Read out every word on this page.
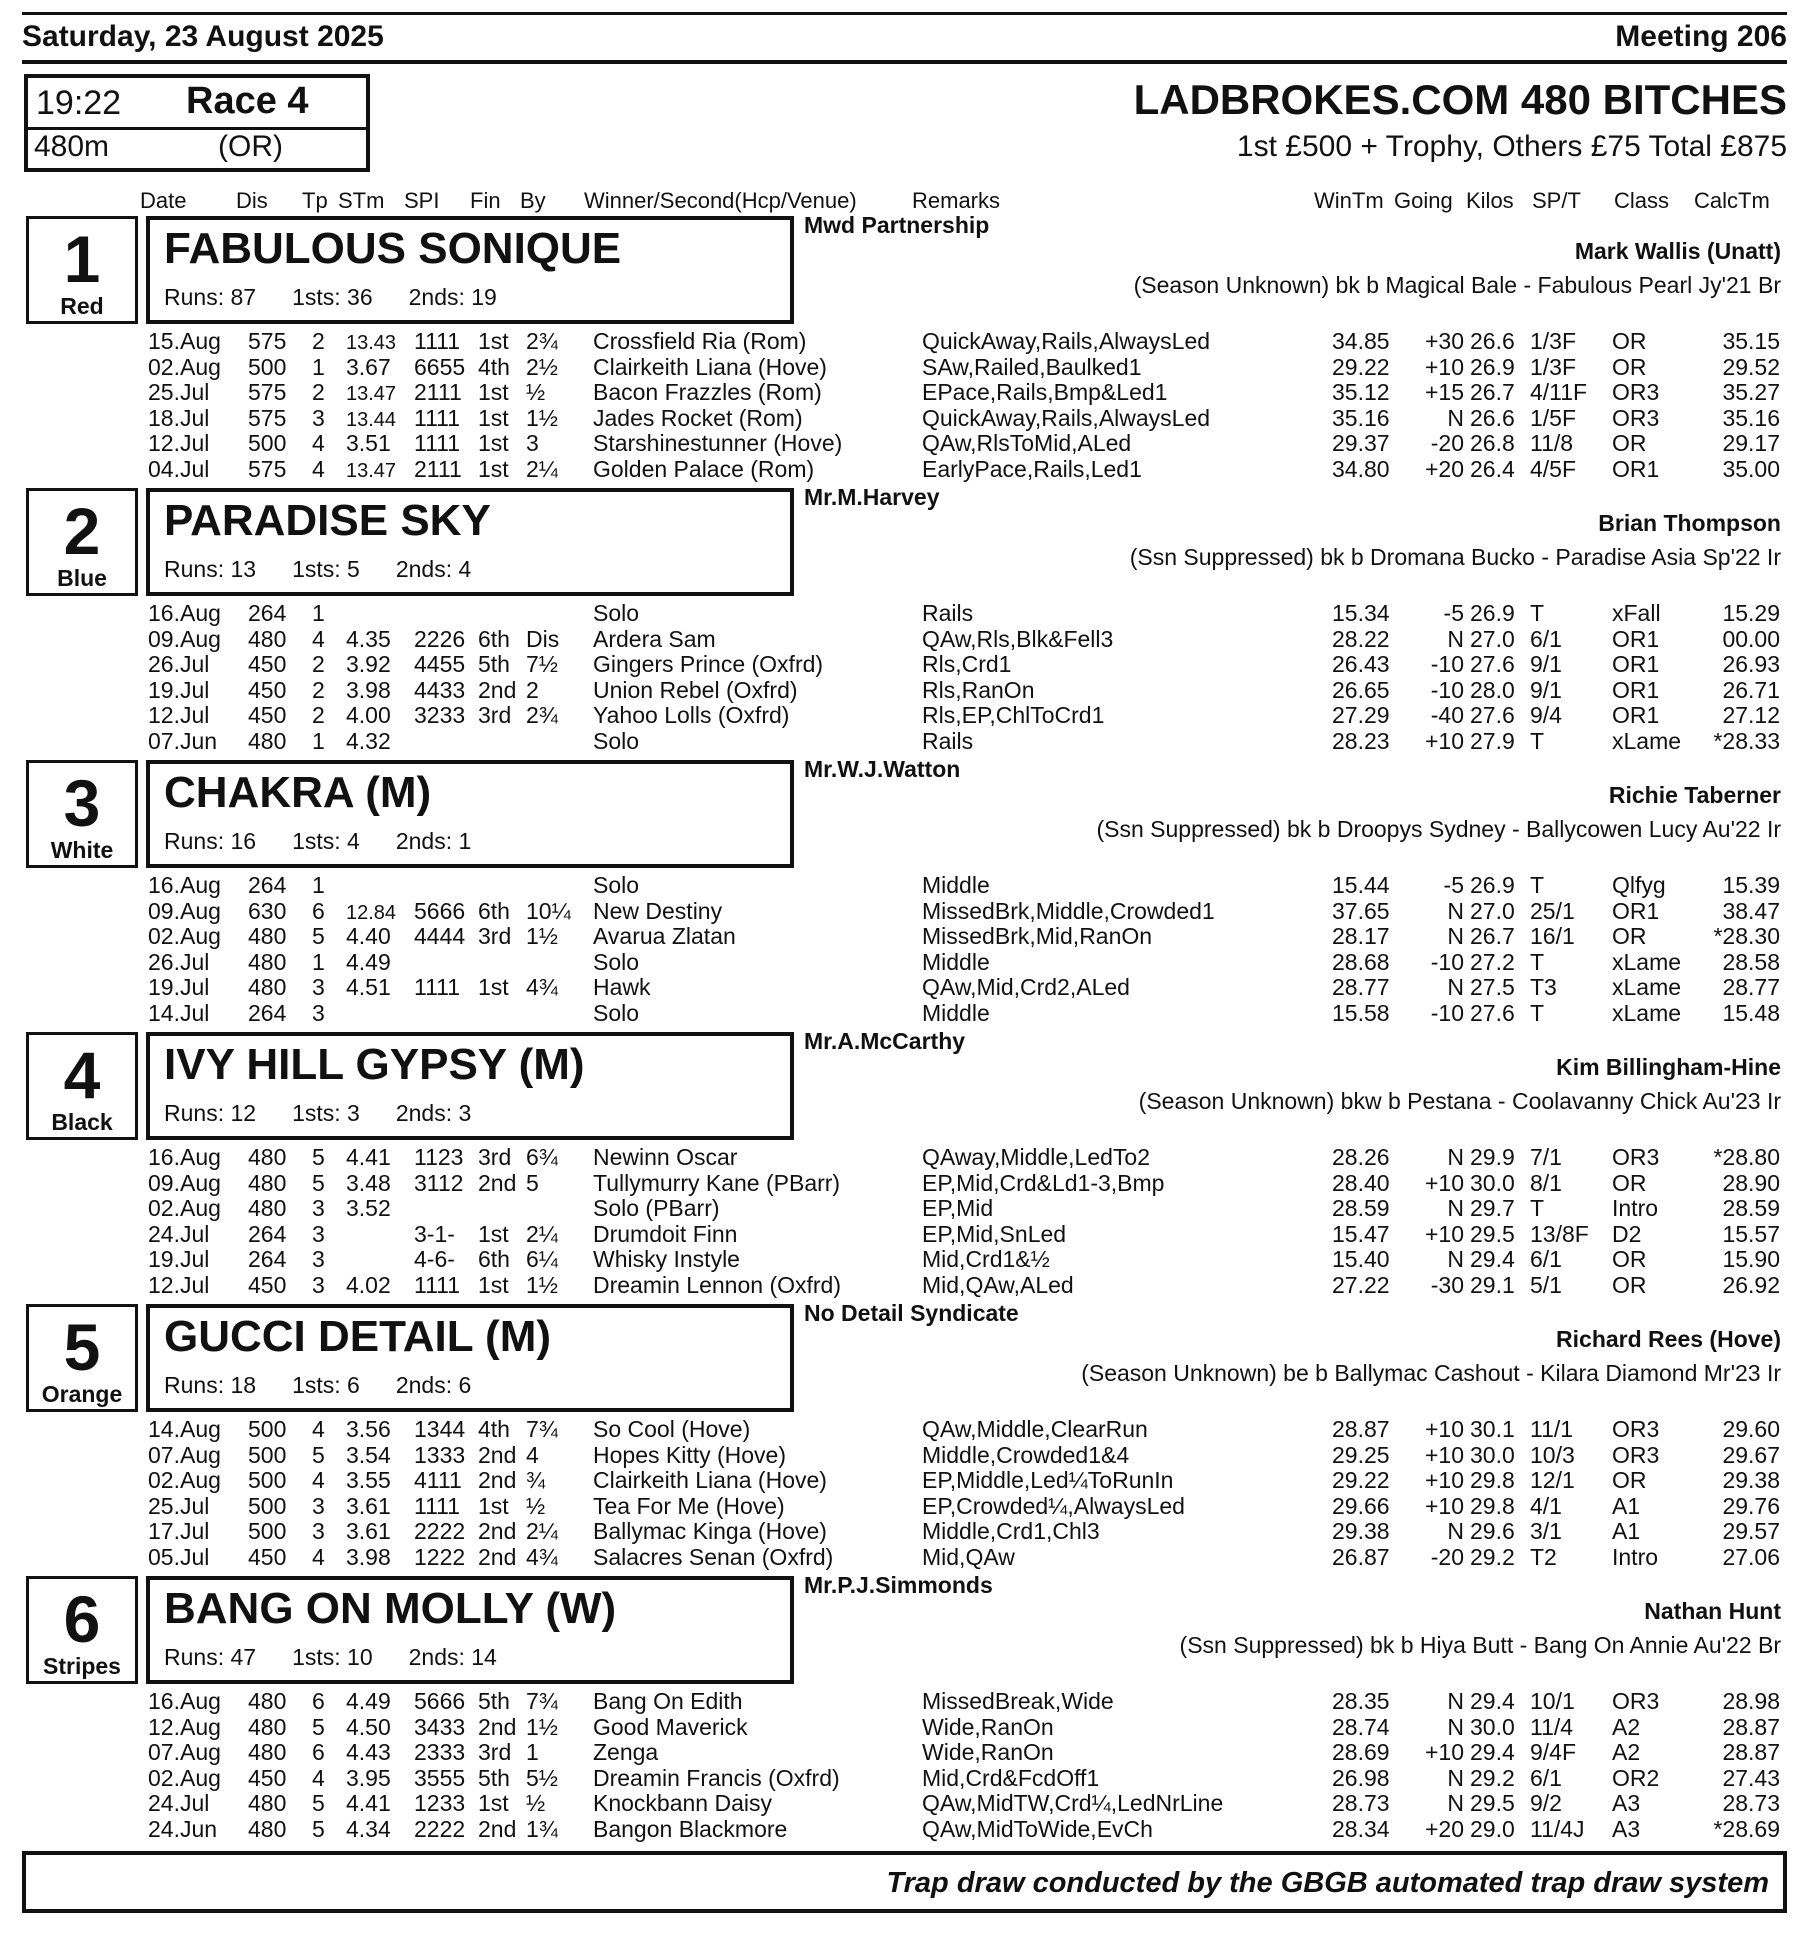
Saturday, 23 August 2025	Meeting 206
19:22 Race 4
480m	(OR)
LADBROKES.COM 480 BITCHES
1st £500 + Trophy, Others £75 Total £875
Date Dis Tp STm SPI Fin By Winner/Second(Hcp/Venue)	Remarks	WinTm Going Kilos SP/T Class CalcTm
1
Red
FABULOUS SONIQUE
Runs: 87 1sts: 36 2nds: 19
Mwd Partnership
Mark Wallis (Unatt)
(Season Unknown) bk b Magical Bale - Fabulous Pearl Jy'21 Br
15.Aug 575 2 13.43 1111 1st 2¾ Crossfield Ria (Rom)	QuickAway,Rails,AlwaysLed	34.85	+30 26.6 1/3F OR	35.15
02.Aug 500 1 3.67 6655 4th 2½ Clairkeith Liana (Hove)	SAw,Railed,Baulked1	29.22	+10 26.9 1/3F OR	29.52
25.Jul 575 2 13.47 2111 1st ½ Bacon Frazzles (Rom)	EPace,Rails,Bmp&Led1	35.12	+15 26.7 4/11F OR3	35.27
18.Jul 575 3 13.44 1111 1st 1½ Jades Rocket (Rom)	QuickAway,Rails,AlwaysLed	35.16	N 26.6 1/5F OR3	35.16
12.Jul 500 4 3.51 1111 1st 3 Starshinestunner (Hove)	QAw,RlsToMid,ALed	29.37	-20 26.8 11/8 OR	29.17
04.Jul 575 4 13.47 2111 1st 2¼ Golden Palace (Rom)	EarlyPace,Rails,Led1	34.80	+20 26.4 4/5F OR1	35.00
2
Blue
PARADISE SKY
Runs: 13 1sts: 5 2nds: 4
Mr.M.Harvey
Brian Thompson
(Ssn Suppressed) bk b Dromana Bucko - Paradise Asia Sp'22 Ir
16.Aug 264 1	Solo	Rails	15.34	-5 26.9 T	xFall	15.29
09.Aug 480 4 4.35 2226 6th Dis Ardera Sam	QAw,Rls,Blk&Fell3	28.22	N 27.0 6/1 OR1	00.00
26.Jul 450 2 3.92 4455 5th 7½ Gingers Prince (Oxfrd)	Rls,Crd1	26.43	-10 27.6 9/1 OR1	26.93
19.Jul 450 2 3.98 4433 2nd 2 Union Rebel (Oxfrd)	Rls,RanOn	26.65	-10 28.0 9/1 OR1	26.71
12.Jul 450 2 4.00 3233 3rd 2¾ Yahoo Lolls (Oxfrd)	Rls,EP,ChlToCrd1	27.29	-40 27.6 9/4 OR1	27.12
07.Jun 480 1 4.32	Solo	Rails	28.23	+10 27.9 T	xLame	*28.33
3
White
CHAKRA (M)
Runs: 16 1sts: 4 2nds: 1
Mr.W.J.Watton
Richie Taberner
(Ssn Suppressed) bk b Droopys Sydney - Ballycowen Lucy Au'22 Ir
16.Aug 264 1	Solo	Middle	15.44	-5 26.9 T	Qlfyg	15.39
09.Aug 630 6 12.84 5666 6th 10¼ New Destiny	MissedBrk,Middle,Crowded1	37.65	N 27.0 25/1 OR1	38.47
02.Aug 480 5 4.40 4444 3rd 1½ Avarua Zlatan	MissedBrk,Mid,RanOn	28.17	N 26.7 16/1 OR	*28.30
26.Jul 480 1 4.49	Solo	Middle	28.68	-10 27.2 T	xLame	28.58
19.Jul 480 3 4.51 1111 1st 4¾ Hawk	QAw,Mid,Crd2,ALed	28.77	N 27.5 T3 xLame	28.77
14.Jul 264 3	Solo	Middle	15.58	-10 27.6 T	xLame	15.48
4
Black
IVY HILL GYPSY (M)
Runs: 12 1sts: 3 2nds: 3
Mr.A.McCarthy
Kim Billingham-Hine
(Season Unknown) bkw b Pestana - Coolavanny Chick Au'23 Ir
16.Aug 480 5 4.41 1123 3rd 6¾ Newinn Oscar	QAway,Middle,LedTo2	28.26	N 29.9 7/1 OR3	*28.80
09.Aug 480 5 3.48 3112 2nd 5 Tullymurry Kane (PBarr)	EP,Mid,Crd&Ld1-3,Bmp	28.40	+10 30.0 8/1 OR	28.90
02.Aug 480 3 3.52	Solo (PBarr)	EP,Mid	28.59	N 29.7 T	Intro	28.59
24.Jul 264 3	3-1- 1st 2¼ Drumdoit Finn	EP,Mid,SnLed	15.47	+10 29.5 13/8F D2	15.57
19.Jul 264 3	4-6- 6th 6¼ Whisky Instyle	Mid,Crd1&½	15.40	N 29.4 6/1 OR	15.90
12.Jul 450 3 4.02 1111 1st 1½ Dreamin Lennon (Oxfrd)	Mid,QAw,ALed	27.22	-30 29.1 5/1 OR	26.92
5
Orange
GUCCI DETAIL (M)
Runs: 18 1sts: 6 2nds: 6
No Detail Syndicate
Richard Rees (Hove)
(Season Unknown) be b Ballymac Cashout - Kilara Diamond Mr'23 Ir
14.Aug 500 4 3.56 1344 4th 7¾ So Cool (Hove)	QAw,Middle,ClearRun	28.87	+10 30.1 11/1 OR3	29.60
07.Aug 500 5 3.54 1333 2nd 4 Hopes Kitty (Hove)	Middle,Crowded1&4	29.25	+10 30.0 10/3 OR3	29.67
02.Aug 500 4 3.55 4111 2nd ¾ Clairkeith Liana (Hove)	EP,Middle,Led¼ToRunIn	29.22	+10 29.8 12/1 OR	29.38
25.Jul 500 3 3.61 1111 1st ½ Tea For Me (Hove)	EP,Crowded¼,AlwaysLed	29.66	+10 29.8 4/1 A1	29.76
17.Jul 500 3 3.61 2222 2nd 2¼ Ballymac Kinga (Hove)	Middle,Crd1,Chl3	29.38	N 29.6 3/1 A1	29.57
05.Jul 450 4 3.98 1222 2nd 4¾ Salacres Senan (Oxfrd)	Mid,QAw	26.87	-20 29.2 T2 Intro	27.06
6
Stripes
BANG ON MOLLY (W)
Runs: 47 1sts: 10 2nds: 14
Mr.P.J.Simmonds
Nathan Hunt
(Ssn Suppressed) bk b Hiya Butt - Bang On Annie Au'22 Br
16.Aug 480 6 4.49 5666 5th 7¾ Bang On Edith	MissedBreak,Wide	28.35	N 29.4 10/1 OR3	28.98
12.Aug 480 5 4.50 3433 2nd 1½ Good Maverick	Wide,RanOn	28.74	N 30.0 11/4 A2	28.87
07.Aug 480 6 4.43 2333 3rd 1 Zenga	Wide,RanOn	28.69	+10 29.4 9/4F A2	28.87
02.Aug 450 4 3.95 3555 5th 5½ Dreamin Francis (Oxfrd)	Mid,Crd&FcdOff1	26.98	N 29.2 6/1 OR2	27.43
24.Jul 480 5 4.41 1233 1st ½ Knockbann Daisy	QAw,MidTW,Crd¼,LedNrLine	28.73	N 29.5 9/2 A3	28.73
24.Jun 480 5 4.34 2222 2nd 1¾ Bangon Blackmore	QAw,MidToWide,EvCh	28.34	+20 29.0 11/4J A3	*28.69
Trap draw conducted by the GBGB automated trap draw system
